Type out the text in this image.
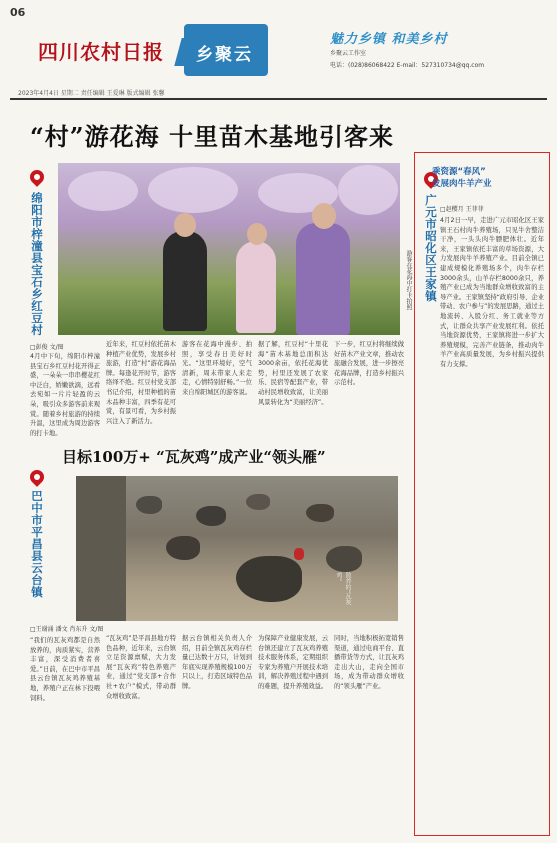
06
四川农村日报 乡聚云
魅力乡镇 和美乡村
乡聚云工作室
电话：(028)86068422 E-mail：527310734@qq.com
2023年4月4日 星期二 责任编辑 王爱琳 版式编辑 张馨
“村”游花海 十里苗木基地引客来
绵阳市梓潼县宝石乡红豆村	游客在花海中打卡拍照
□彭俊 文/图
4月中下旬，绵阳市梓潼县宝石乡红豆村花开得正盛，一朵朵一串串樱花红中泛白，娇嫩欲滴，远看去宛如一片片轻盈的云朵，吸引众多游客前来观赏。随着乡村旅游的持续升温，这里成为周边游客的打卡地。
近年来，红豆村依托苗木种植产业优势，发展乡村旅游，打造“村”游花海品牌。每逢花开时节，游客络绎不绝。红豆村党支部书记介绍，村里种植的苗木品种丰富，四季有花可赏，有景可看，为乡村振兴注入了新活力。
游客在花海中漫步、拍照，享受春日美好时光。“这里环境好，空气清新，周末带家人来走走，心情特别舒畅。”一位来自绵阳城区的游客说。
据了解，红豆村“十里花海”苗木基地总面积达3000余亩，依托花海优势，村里还发展了农家乐、民宿等配套产业，带动村民增收致富，让美丽风景转化为“美丽经济”。
下一步，红豆村将继续做好苗木产业文章，推动农旅融合发展，进一步擦亮花海品牌，打造乡村振兴示范村。
目标100万+ “瓦灰鸡”成产业“领头雁”
巴中市平昌县云台镇	散养的“瓦灰鸡”
□王谢涌 潘文 肖东升 文/图
“我们的瓦灰鸡都是自然放养的，肉质紧实，营养丰富，深受消费者喜爱。”日前，在巴中市平昌县云台镇瓦灰鸡养殖基地，养殖户正在林下投喂饲料。
“瓦灰鸡”是平昌县地方特色品种，近年来，云台镇立足资源禀赋，大力发展“瓦灰鸡”特色养殖产业，通过“党支部+合作社+农户”模式，带动群众增收致富。
据云台镇相关负责人介绍，目前全镇瓦灰鸡存栏量已达数十万只，计划到年底实现养殖规模100万只以上，打造区域特色品牌。
为保障产业健康发展，云台镇还建立了瓦灰鸡养殖技术服务体系，定期组织专家为养殖户开展技术培训，解决养殖过程中遇到的难题，提升养殖效益。
同时，当地积极拓宽销售渠道，通过电商平台、直播带货等方式，让瓦灰鸡走出大山，走向全国市场，成为带动群众增收的“领头雁”产业。
乘资源“春风”
发展肉牛羊产业
广元市昭化区王家镇 □赵樱月 王菲菲
4月2日一早，走进广元市昭化区王家镇王石村肉牛养殖场，只见牛舍整洁干净，一头头肉牛膘肥体壮。近年来，王家镇依托丰富的草场资源，大力发展肉牛羊养殖产业。目前全镇已建成规模化养殖场多个，肉牛存栏3000余头，山羊存栏8000余只，养殖产业已成为当地群众增收致富的主导产业。王家镇坚持“政府引导、企业带动、农户参与”的发展思路，通过土地流转、入股分红、务工就业等方式，让群众共享产业发展红利。依托当地资源优势，王家镇将进一步扩大养殖规模，完善产业链条，推动肉牛羊产业高质量发展，为乡村振兴提供有力支撑。
